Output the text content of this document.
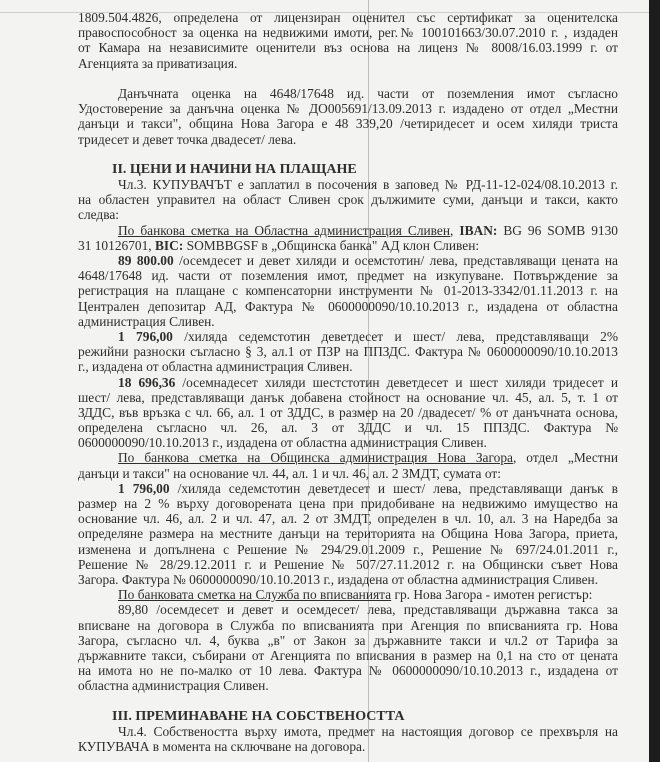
1809.504.4826, определена от лицензиран оценител със сертификат за оценителска
правоспособност за оценка на недвижими имоти, рег.№ 100101663/30.07.2010 г. , издаден
от Камара на независимите оценители въз основа на лиценз № 8008/16.03.1999 г. от
Агенцията за приватизация.
Данъчната оценка на 4648/17648 ид. части от поземления имот съгласно
Удостоверение за данъчна оценка № ДО005691/13.09.2013 г. издадено от отдел „Местни
данъци и такси", община Нова Загора е 48 339,20 /четиридесет и осем хиляди триста
тридесет и девет точка двадесет/ лева.
II. ЦЕНИ И НАЧИНИ НА ПЛАЩАНЕ
Чл.3. КУПУВАЧЪТ е заплатил в посочения в заповед № РД-11-12-024/08.10.2013 г.
на областен управител на област Сливен срок дължимите суми, данъци и такси, както
следва:
По банкова сметка на Областна администрация Сливен, IBAN: BG 96 SOMB 9130
31 10126701, BIC: SOMBBGSF в „Общинска банка" АД клон Сливен:
89 800.00 /осемдесет и девет хиляди и осемстотин/ лева, представляващи цената на
4648/17648 ид. части от поземления имот, предмет на изкупуване. Потвърждение за
регистрация на плащане с компенсаторни инструменти № 01-2013-3342/01.11.2013 г. на
Централен депозитар АД, Фактура № 0600000090/10.10.2013 г., издадена от областна
администрация Сливен.
1 796,00 /хиляда седемстотин деветдесет и шест/ лева, представляващи 2%
режийни разноски съгласно § 3, ал.1 от ПЗР на ППЗДС. Фактура № 0600000090/10.10.2013
г., издадена от областна администрация Сливен.
18 696,36 /осемнадесет хиляди шестстотин деветдесет и шест хиляди тридесет и
шест/ лева, представляващи данък добавена стойност на основание чл. 45, ал. 5, т. 1 от
ЗДДС, във връзка с чл. 66, ал. 1 от ЗДДС, в размер на 20 /двадесет/ % от данъчната основа,
определена съгласно чл. 26, ал. 3 от ЗДДС и чл. 15 ППЗДС. Фактура №
0600000090/10.10.2013 г., издадена от областна администрация Сливен.
По банкова сметка на Общинска администрация Нова Загора, отдел „Местни
данъци и такси" на основание чл. 44, ал. 1 и чл. 46, ал. 2 ЗМДТ, сумата от:
1 796,00 /хиляда седемстотин деветдесет и шест/ лева, представляващи данък в
размер на 2 % върху договорената цена при придобиване на недвижимо имущество на
основание чл. 46, ал. 2 и чл. 47, ал. 2 от ЗМДТ, определен в чл. 10, ал. 3 на Наредба за
определяне размера на местните данъци на територията на Община Нова Загора, приета,
изменена и допълнена с Решение № 294/29.01.2009 г., Решение № 697/24.01.2011 г.,
Решение № 28/29.12.2011 г. и Решение № 507/27.11.2012 г. на Общински съвет Нова
Загора. Фактура № 0600000090/10.10.2013 г., издадена от областна администрация Сливен.
По банковата сметка на Служба по вписванията гр. Нова Загора - имотен регистър:
89,80 /осемдесет и девет и осемдесет/ лева, представляващи държавна такса за
вписване на договора в Служба по вписванията при Агенция по вписванията гр. Нова
Загора, съгласно чл. 4, буква „в" от Закон за държавните такси и чл.2 от Тарифа за
държавните такси, събирани от Агенцията по вписвания в размер на 0,1 на сто от цената
на имота но не по-малко от 10 лева. Фактура № 0600000090/10.10.2013 г., издадена от
областна администрация Сливен.
III. ПРЕМИНАВАНЕ НА СОБСТВЕНОСТТА
Чл.4. Собствеността върху имота, предмет на настоящия договор се прехвърля на
КУПУВАЧА в момента на сключване на договора.
